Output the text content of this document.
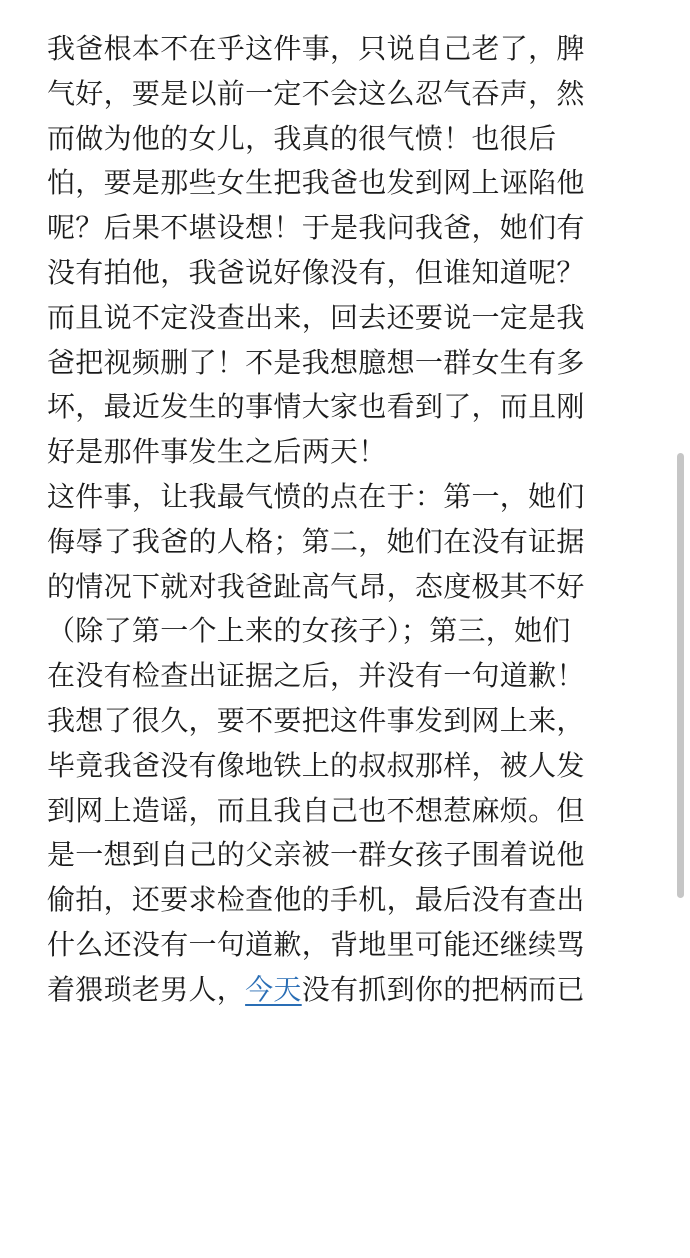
我爸根本不在乎这件事，只说自己老了，脾
气好，要是以前一定不会这么忍气吞声，然
而做为他的女儿，我真的很气愤！也很后
怕，要是那些女生把我爸也发到网上诬陷他
呢？后果不堪设想！于是我问我爸，她们有
没有拍他，我爸说好像没有，但谁知道呢？
而且说不定没查出来，回去还要说一定是我
爸把视频删了！不是我想臆想一群女生有多
坏，最近发生的事情大家也看到了，而且刚
好是那件事发生之后两天！
这件事，让我最气愤的点在于：第一，她们
侮辱了我爸的人格；第二，她们在没有证据
的情况下就对我爸趾高气昂，态度极其不好
（除了第一个上来的女孩子）；第三，她们
在没有检查出证据之后，并没有一句道歉！
我想了很久，要不要把这件事发到网上来，
毕竟我爸没有像地铁上的叔叔那样，被人发
到网上造谣，而且我自己也不想惹麻烦。但
是一想到自己的父亲被一群女孩子围着说他
偷拍，还要求检查他的手机，最后没有查出
什么还没有一句道歉，背地里可能还继续骂
着猥琐老男人，今天没有抓到你的把柄而已
